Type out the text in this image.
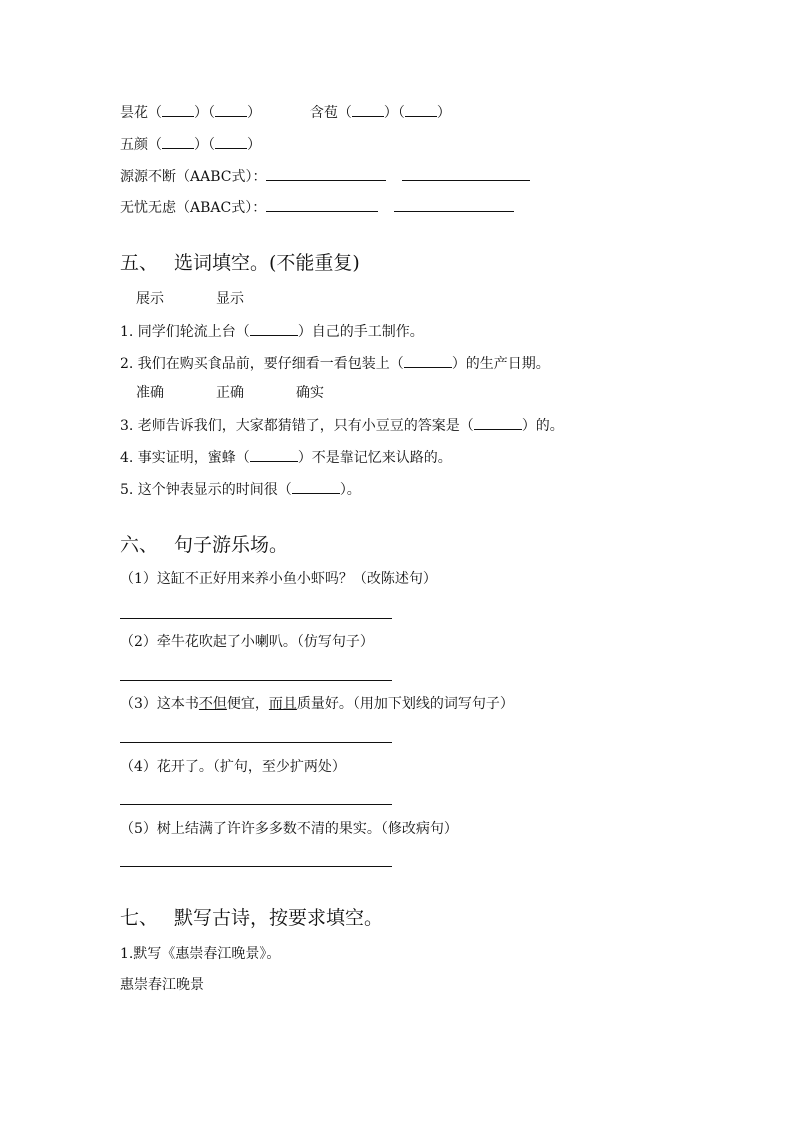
昙花（ ）（ ）	含苞（ ）（ ）
五颜（ ）（ ）
源源不断（AABC式）：
无忧无虑（ABAC式）：
五、 选词填空。(不能重复)
展示	显示
1. 同学们轮流上台（	）自己的手工制作。
2. 我们在购买食品前，要仔细看一看包装上（	）的生产日期。
准确	正确	确实
3. 老师告诉我们，大家都猜错了，只有小豆豆的答案是（	）的。
4. 事实证明，蜜蜂（	）不是靠记忆来认路的。
5. 这个钟表显示的时间很（	）。
六、 句子游乐场。
（1）这缸不正好用来养小鱼小虾吗？（改陈述句）
（2）牵牛花吹起了小喇叭。（仿写句子）
（3）这本书不但便宜，而且质量好。（用加下划线的词写句子）
（4）花开了。（扩句，至少扩两处）
（5）树上结满了许许多多数不清的果实。（修改病句）
七、 默写古诗，按要求填空。
1.默写《惠崇春江晚景》。
惠崇春江晚景
